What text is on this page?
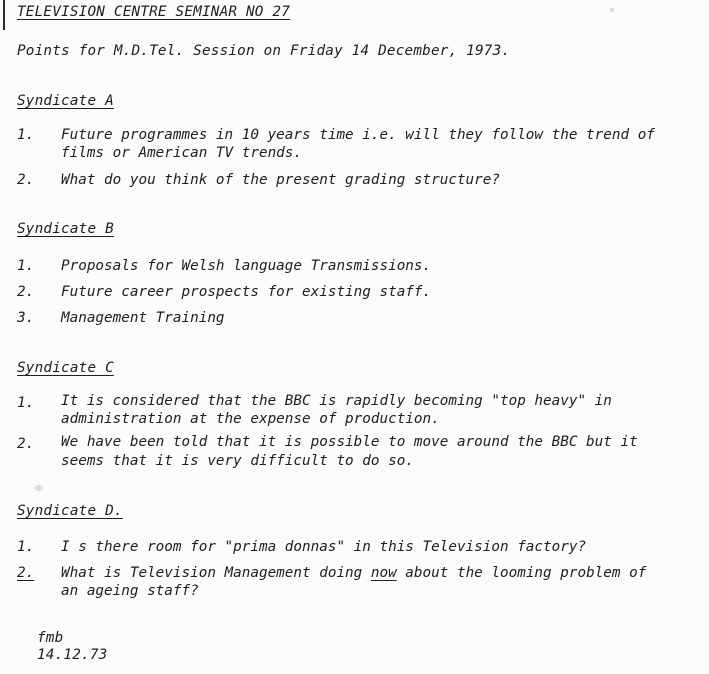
TELEVISION CENTRE SEMINAR NO 27
Points for M.D.Tel. Session on Friday 14 December, 1973.
Syndicate A
1. Future programmes in 10 years time i.e. will they follow the trend of
films or American TV trends.
2. What do you think of the present grading structure?
Syndicate B
1. Proposals for Welsh language Transmissions.
2. Future career prospects for existing staff.
3. Management Training
Syndicate C
1. It is considered that the BBC is rapidly becoming "top heavy" in
administration at the expense of production.
2. We have been told that it is possible to move around the BBC but it
seems that it is very difficult to do so.
Syndicate D.
1. I s there room for "prima donnas" in this Television factory?
2. What is Television Management doing now about the looming problem of
an ageing staff?
fmb
14.12.73
